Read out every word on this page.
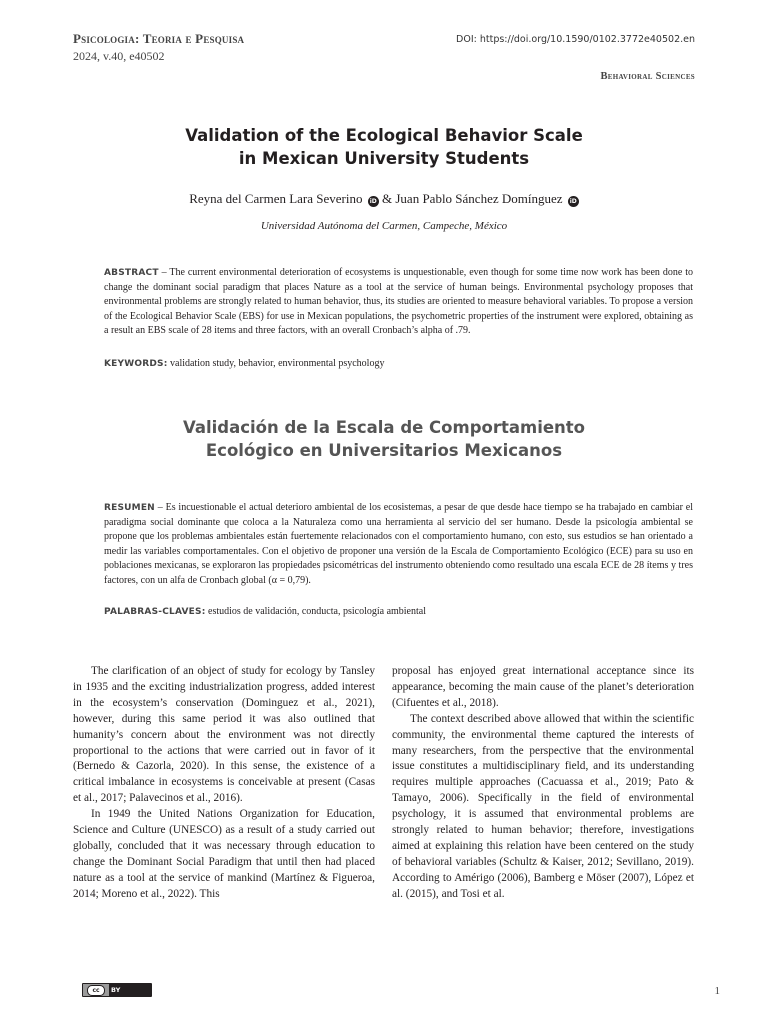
Psicologia: Teoria e Pesquisa
2024, v.40, e40502
DOI: https://doi.org/10.1590/0102.3772e40502.en
Behavioral Sciences
Validation of the Ecological Behavior Scale
in Mexican University Students
Reyna del Carmen Lara Severino iD & Juan Pablo Sánchez Domínguez iD
Universidad Autónoma del Carmen, Campeche, México
ABSTRACT – The current environmental deterioration of ecosystems is unquestionable, even though for some time now work has been done to change the dominant social paradigm that places Nature as a tool at the service of human beings. Environmental psychology proposes that environmental problems are strongly related to human behavior, thus, its studies are oriented to measure behavioral variables. To propose a version of the Ecological Behavior Scale (EBS) for use in Mexican populations, the psychometric properties of the instrument were explored, obtaining as a result an EBS scale of 28 items and three factors, with an overall Cronbach’s alpha of .79.
KEYWORDS: validation study, behavior, environmental psychology
Validación de la Escala de Comportamiento
Ecológico en Universitarios Mexicanos
RESUMEN – Es incuestionable el actual deterioro ambiental de los ecosistemas, a pesar de que desde hace tiempo se ha trabajado en cambiar el paradigma social dominante que coloca a la Naturaleza como una herramienta al servicio del ser humano. Desde la psicología ambiental se propone que los problemas ambientales están fuertemente relacionados con el comportamiento humano, con esto, sus estudios se han orientado a medir las variables comportamentales. Con el objetivo de proponer una versión de la Escala de Comportamiento Ecológico (ECE) para su uso en poblaciones mexicanas, se exploraron las propiedades psicométricas del instrumento obteniendo como resultado una escala ECE de 28 ítems y tres factores, con un alfa de Cronbach global (α = 0,79).
PALABRAS-CLAVES: estudios de validación, conducta, psicología ambiental

The clarification of an object of study for ecology by Tansley in 1935 and the exciting industrialization progress, added interest in the ecosystem’s conservation (Dominguez et al., 2021), however, during this same period it was also outlined that humanity’s concern about the environment was not directly proportional to the actions that were carried out in favor of it (Bernedo & Cazorla, 2020). In this sense, the existence of a critical imbalance in ecosystems is conceivable at present (Casas et al., 2017; Palavecinos et al., 2016).

In 1949 the United Nations Organization for Education, Science and Culture (UNESCO) as a result of a study carried out globally, concluded that it was necessary through education to change the Dominant Social Paradigm that until then had placed nature as a tool at the service of mankind (Martínez & Figueroa, 2014; Moreno et al., 2022). This

proposal has enjoyed great international acceptance since its appearance, becoming the main cause of the planet’s deterioration (Cifuentes et al., 2018).

The context described above allowed that within the scientific community, the environmental theme captured the interests of many researchers, from the perspective that the environmental issue constitutes a multidisciplinary field, and its understanding requires multiple approaches (Cacuassa et al., 2019; Pato & Tamayo, 2006). Specifically in the field of environmental psychology, it is assumed that environmental problems are strongly related to human behavior; therefore, investigations aimed at explaining this relation have been centered on the study of behavioral variables (Schultz & Kaiser, 2012; Sevillano, 2019). According to Amérigo (2006), Bamberg e Möser (2007), López et al. (2015), and Tosi et al.

cc	BY	1
